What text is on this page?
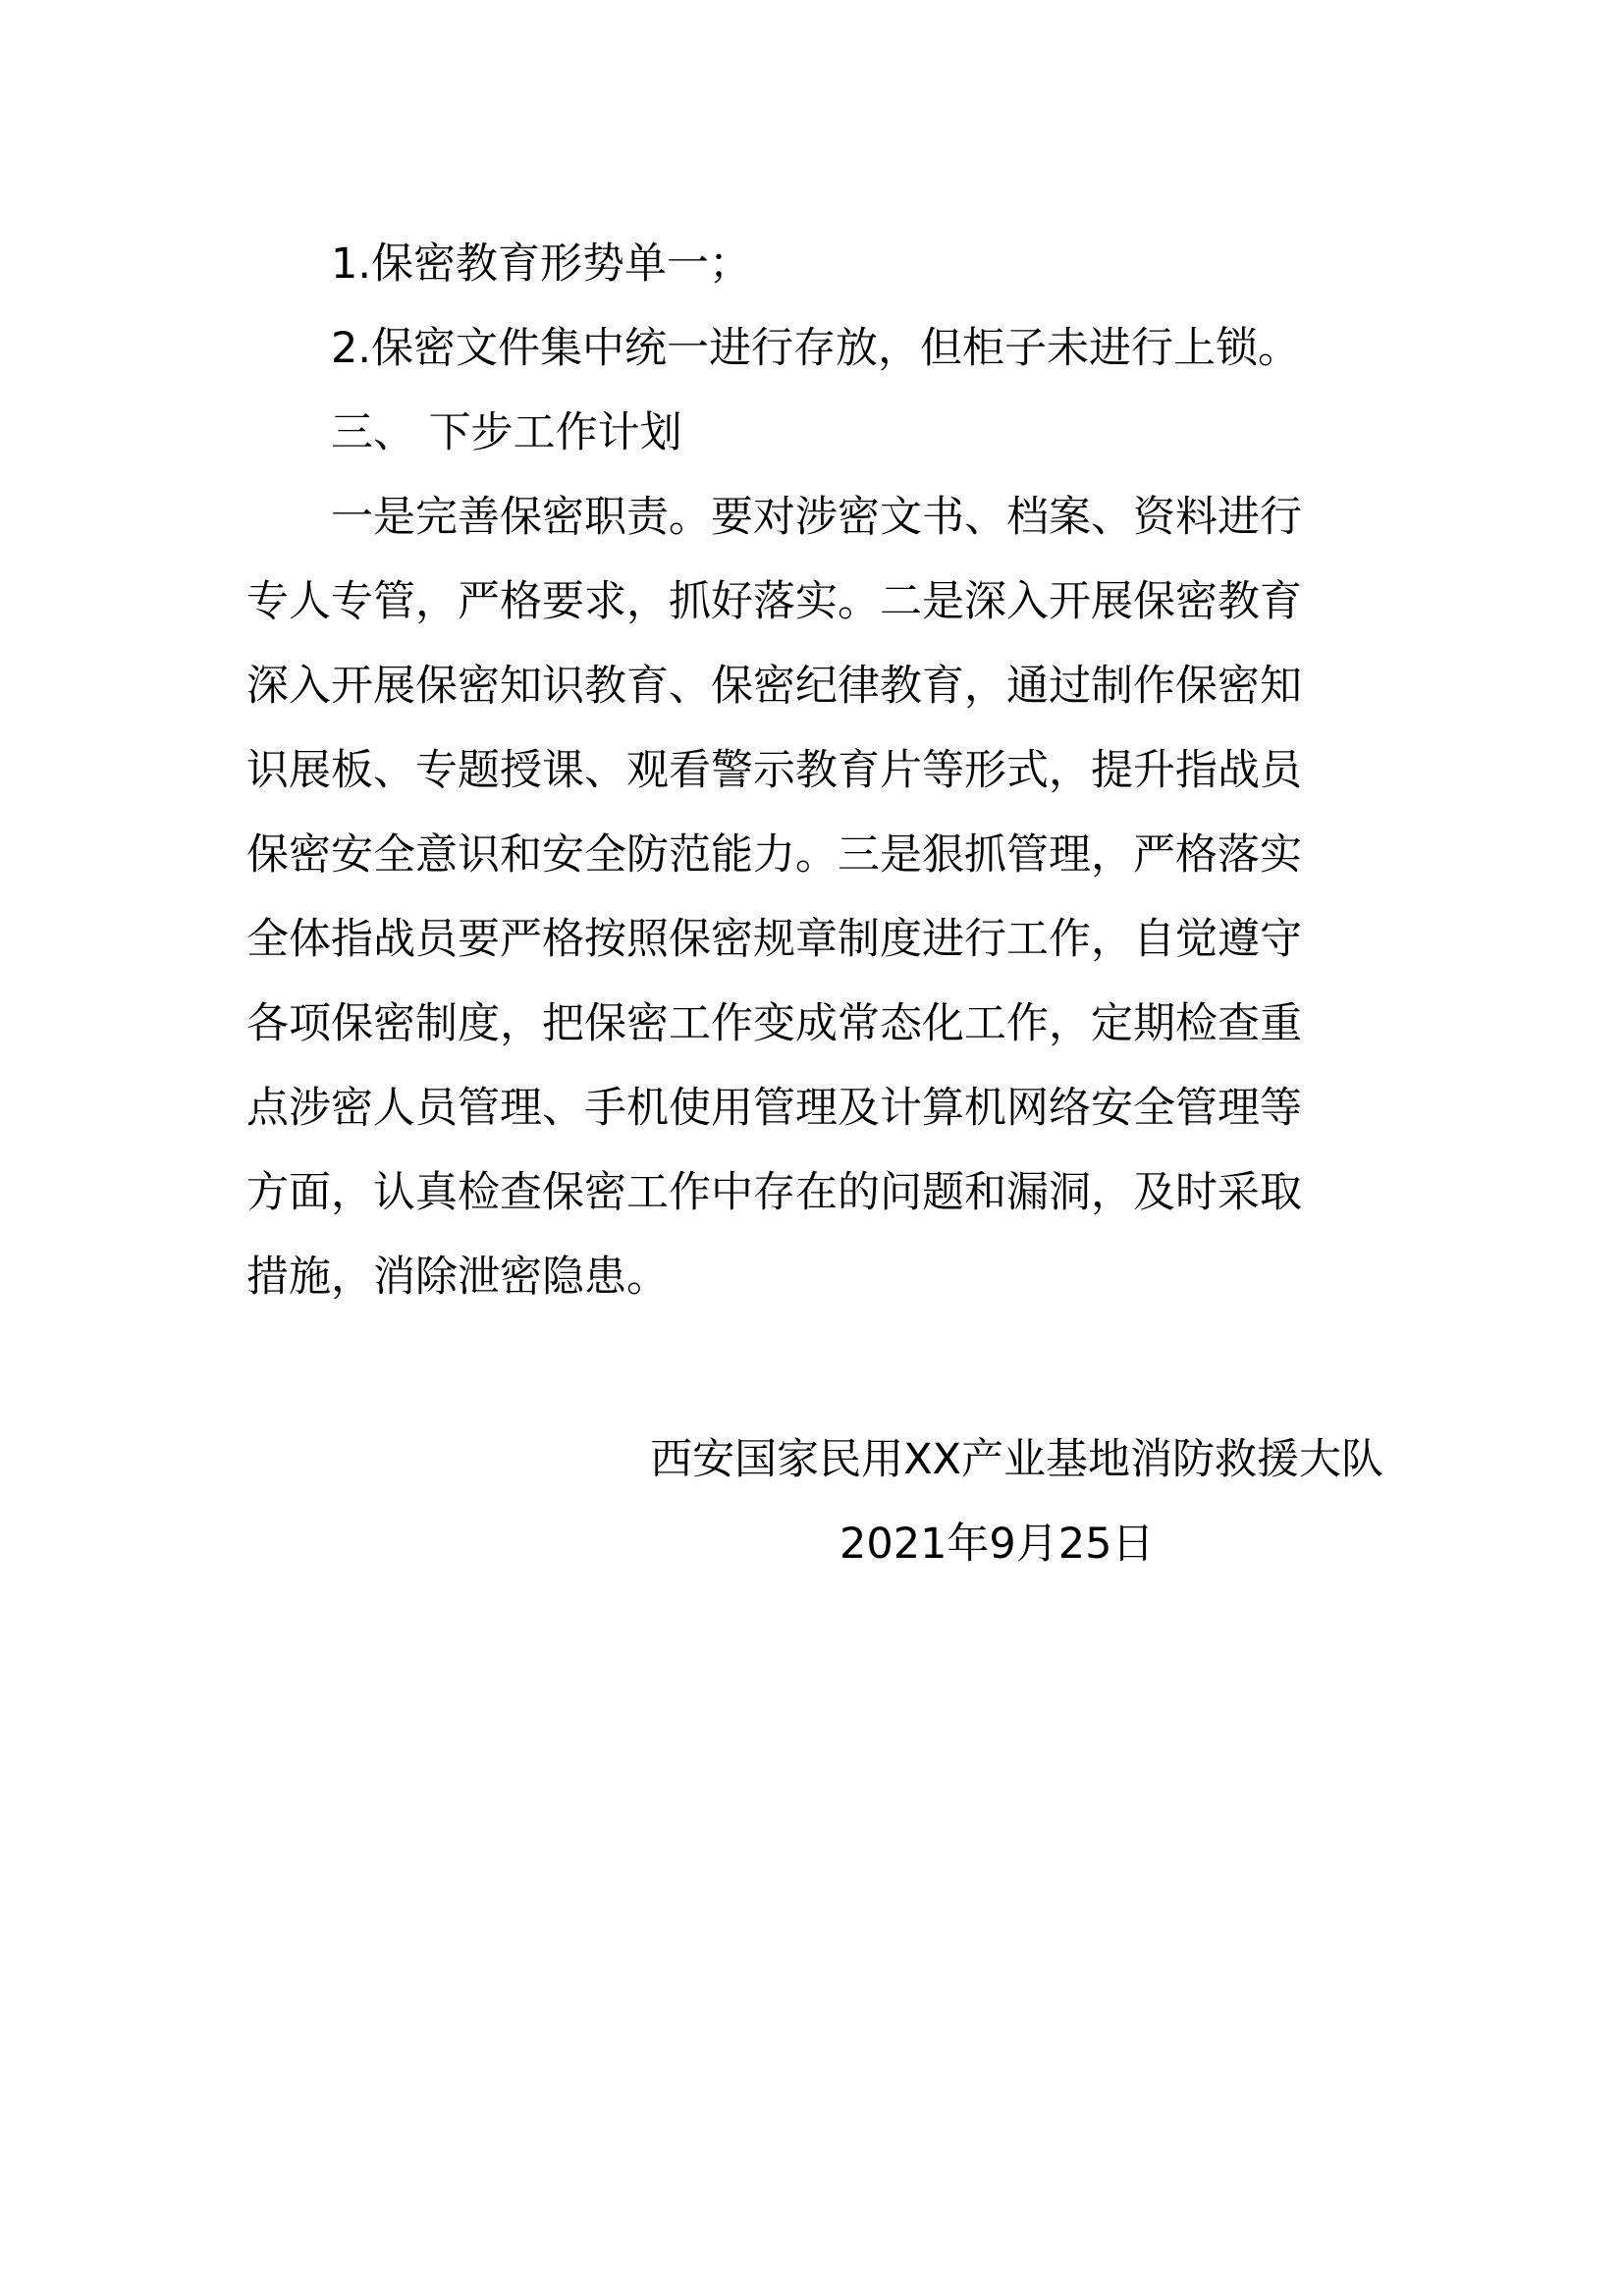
1.保密教育形势单一；
2.保密文件集中统一进行存放，但柜子未进行上锁。
三、 下步工作计划
一是完善保密职责。要对涉密文书、档案、资料进行
专人专管，严格要求，抓好落实。二是深入开展保密教育
深入开展保密知识教育、保密纪律教育，通过制作保密知
识展板、专题授课、观看警示教育片等形式，提升指战员
保密安全意识和安全防范能力。三是狠抓管理，严格落实
全体指战员要严格按照保密规章制度进行工作，自觉遵守
各项保密制度，把保密工作变成常态化工作，定期检查重
点涉密人员管理、手机使用管理及计算机网络安全管理等
方面，认真检查保密工作中存在的问题和漏洞，及时采取
措施，消除泄密隐患。
西安国家民用XX产业基地消防救援大队
2021年9月25日
